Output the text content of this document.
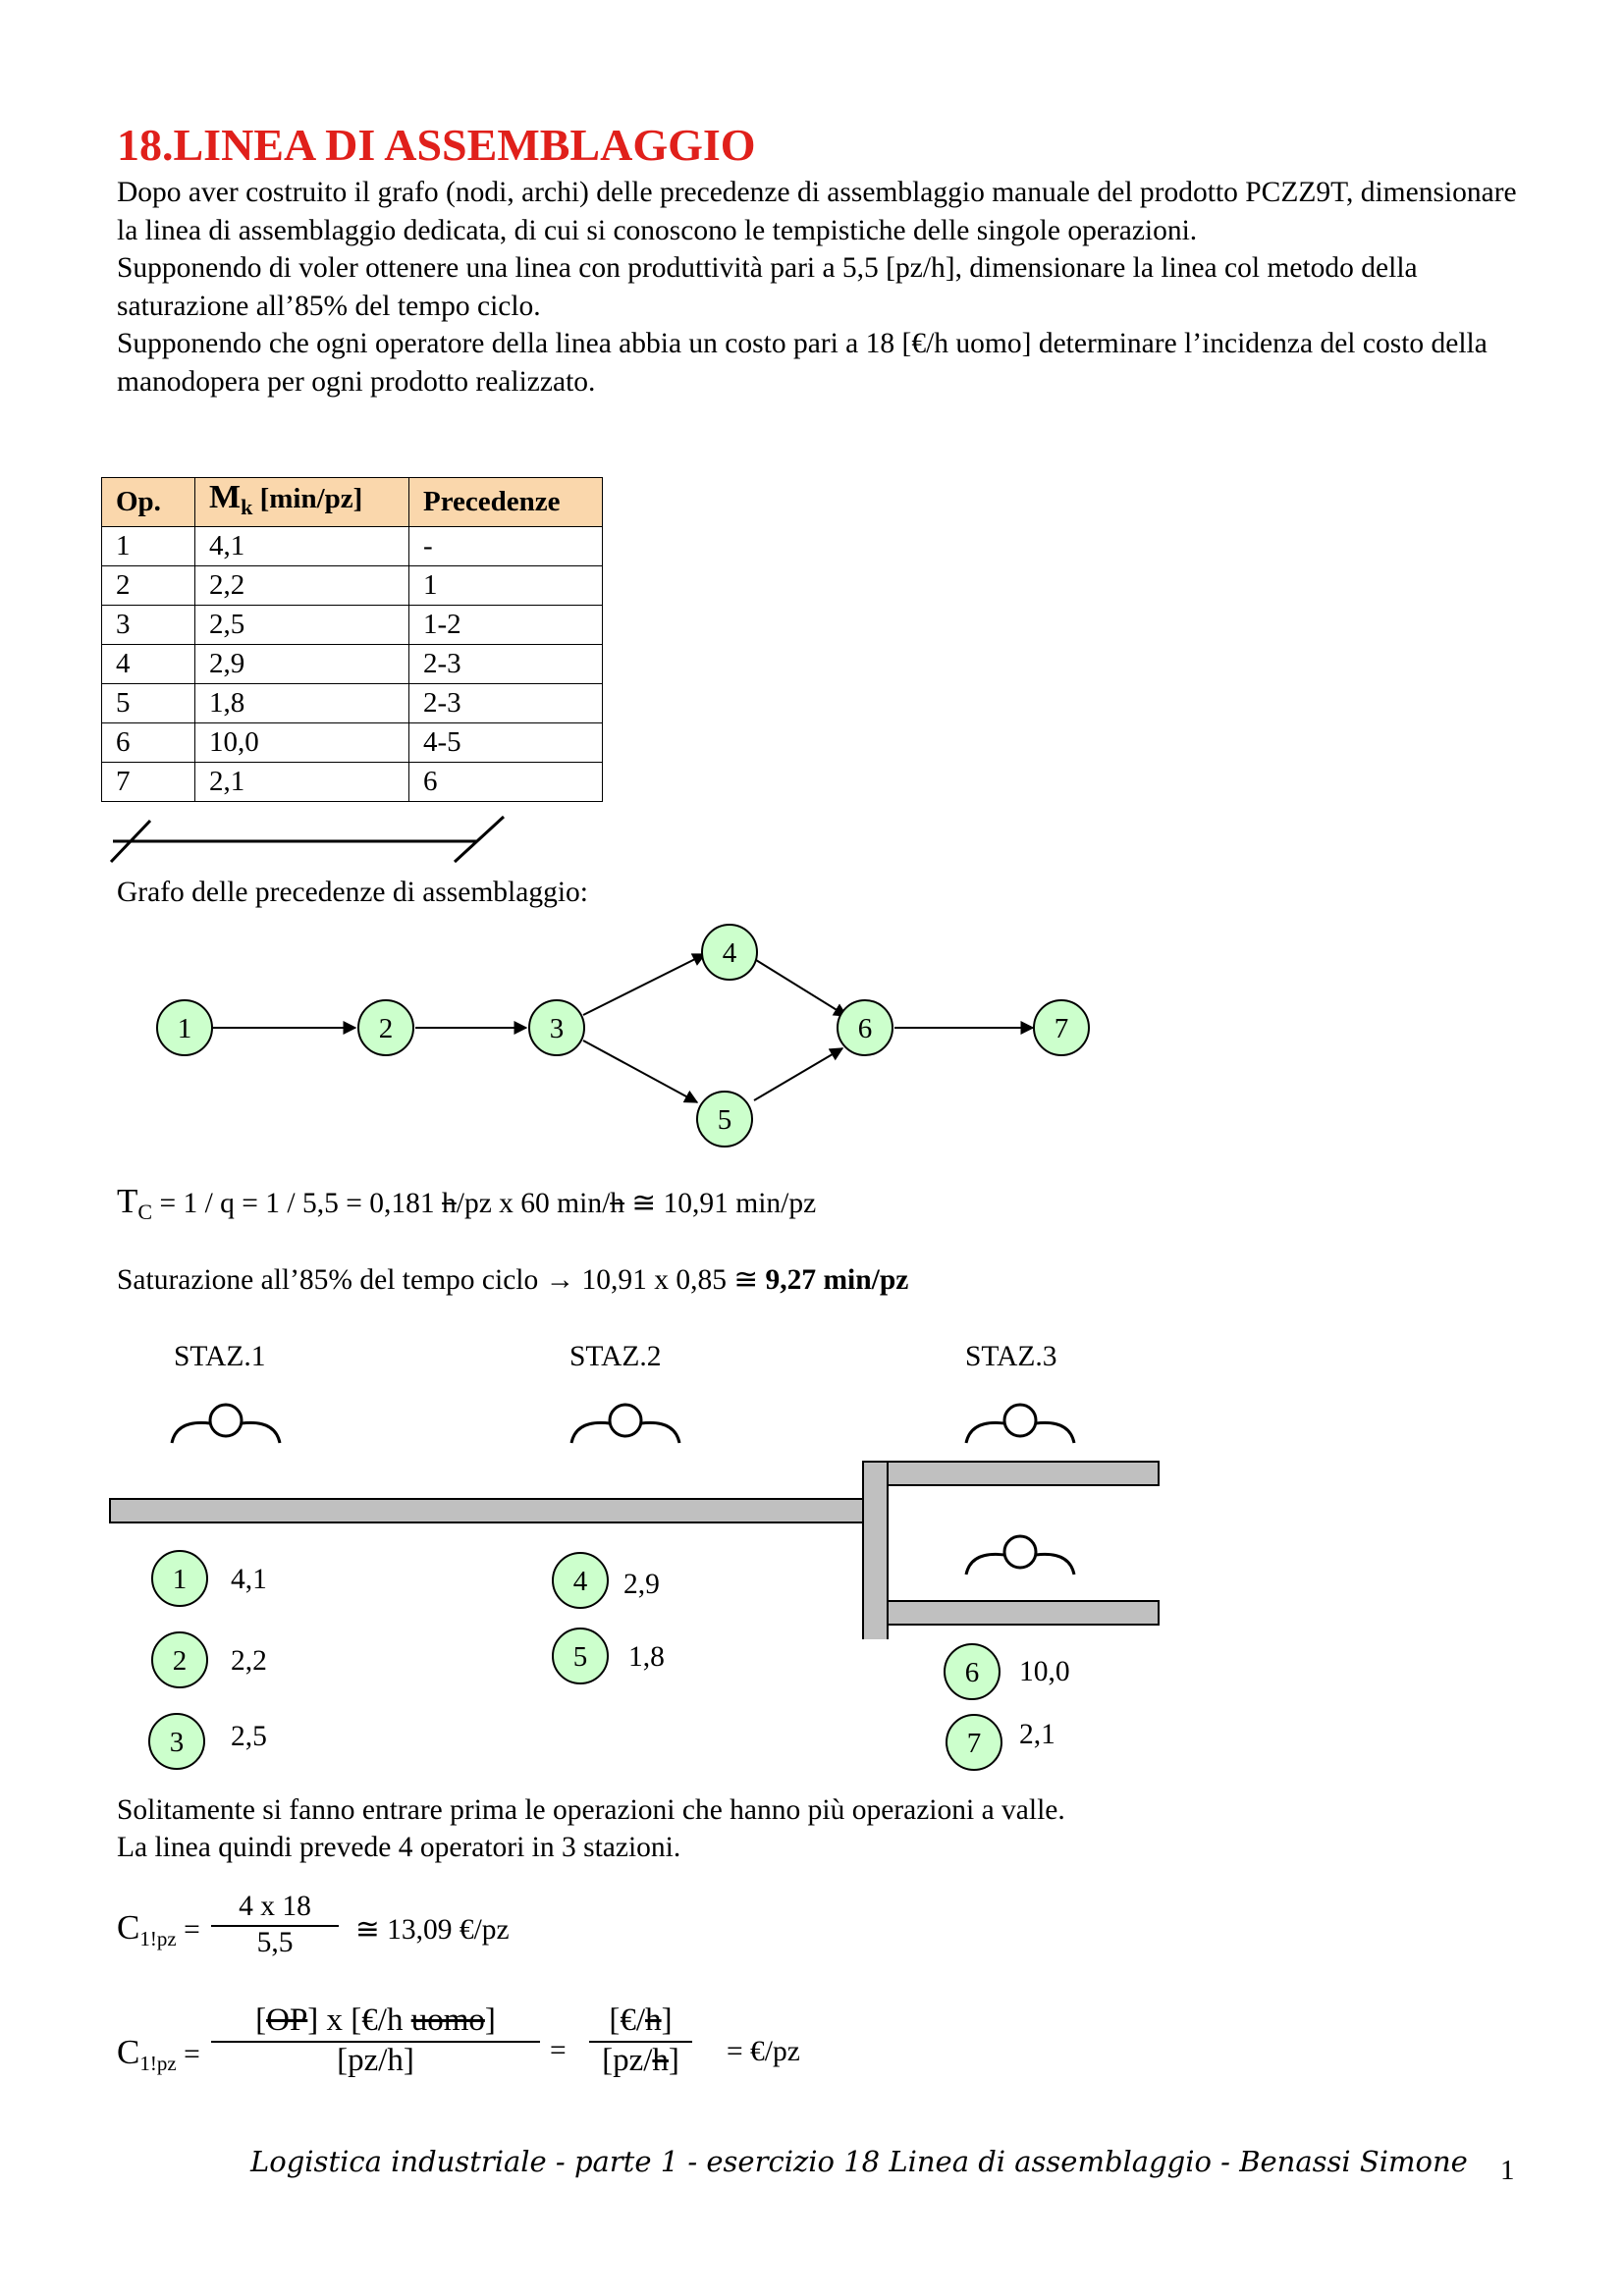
18.LINEA DI ASSEMBLAGGIO

Dopo aver costruito il grafo (nodi, archi) delle precedenze di assemblaggio manuale del prodotto PCZZ9T, dimensionare la linea di assemblaggio dedicata, di cui si conoscono le tempistiche delle singole operazioni.

Supponendo di voler ottenere una linea con produttività pari a 5,5 [pz/h], dimensionare la linea col metodo della saturazione all’85% del tempo ciclo.

Supponendo che ogni operatore della linea abbia un costo pari a 18 [€/h uomo] determinare l’incidenza del costo della manodopera per ogni prodotto realizzato.

Op.	$M_k$ [min/pz]	Precedenze
1	4,1	-
2	2,2	1
3	2,5	1-2
4	2,9	2-3
5	1,8	2-3
6	10,0	4-5
7	2,1	6
Grafo delle precedenze di assemblaggio:
1	2	3
4
5
6	7
$T_C = 1 / q = 1 / 5,5 = 0,181$ h/pz x 60 min/h ≅ 10,91 min/pz
Saturazione all’85% del tempo ciclo → 10,91 x 0,85 ≅ 9,27 min/pz
STAZ.1	STAZ.2	STAZ.3
1 4,1
2 2,2
3 2,5
4 2,9
5 1,8	6 10,0
7 2,1
Solitamente si fanno entrare prima le operazioni che hanno più operazioni a valle.
La linea quindi prevede 4 operatori in 3 stazioni.
$C_{1!pz} = \frac{4 x 18}{5,5}$ ≅ 13,09 €/pz
$C_{1!pz}$ =
[OP] x [€/h uomo]
[pz/h]	= $\frac{[€/h]}{[pz/h]}$ = €/pz
Logistica industriale - parte 1 - esercizio 18 Linea di assemblaggio - Benassi Simone 1
